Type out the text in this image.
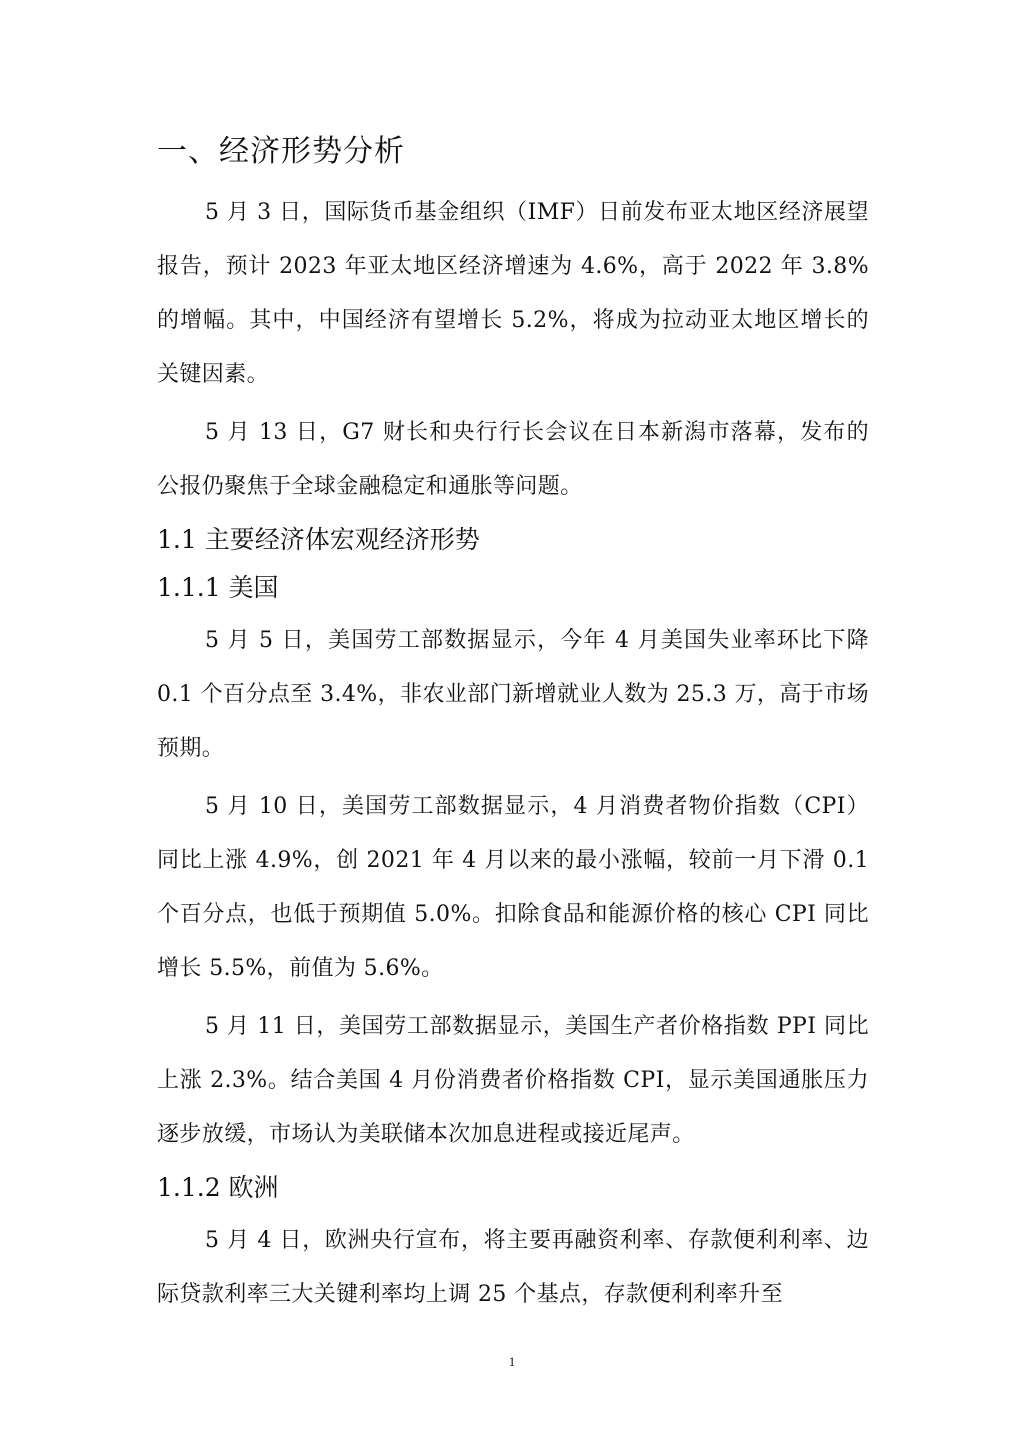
一、经济形势分析

5 月 3 日，国际货币基金组织（IMF）日前发布亚太地区经济展望报告，预计 2023 年亚太地区经济增速为 4.6%，高于 2022 年 3.8%的增幅。其中，中国经济有望增长 5.2%，将成为拉动亚太地区增长的关键因素。

5 月 13 日，G7 财长和央行行长会议在日本新潟市落幕，发布的公报仍聚焦于全球金融稳定和通胀等问题。

1.1 主要经济体宏观经济形势
1.1.1 美国

5 月 5 日，美国劳工部数据显示，今年 4 月美国失业率环比下降 0.1 个百分点至 3.4%，非农业部门新增就业人数为 25.3 万，高于市场预期。

5 月 10 日，美国劳工部数据显示，4 月消费者物价指数（CPI）同比上涨 4.9%，创 2021 年 4 月以来的最小涨幅，较前一月下滑 0.1 个百分点，也低于预期值 5.0%。扣除食品和能源价格的核心 CPI 同比增长 5.5%，前值为 5.6%。

5 月 11 日，美国劳工部数据显示，美国生产者价格指数 PPI 同比上涨 2.3%。结合美国 4 月份消费者价格指数 CPI，显示美国通胀压力逐步放缓，市场认为美联储本次加息进程或接近尾声。

1.1.2 欧洲

5 月 4 日，欧洲央行宣布，将主要再融资利率、存款便利利率、边际贷款利率三大关键利率均上调 25 个基点，存款便利利率升至

1
